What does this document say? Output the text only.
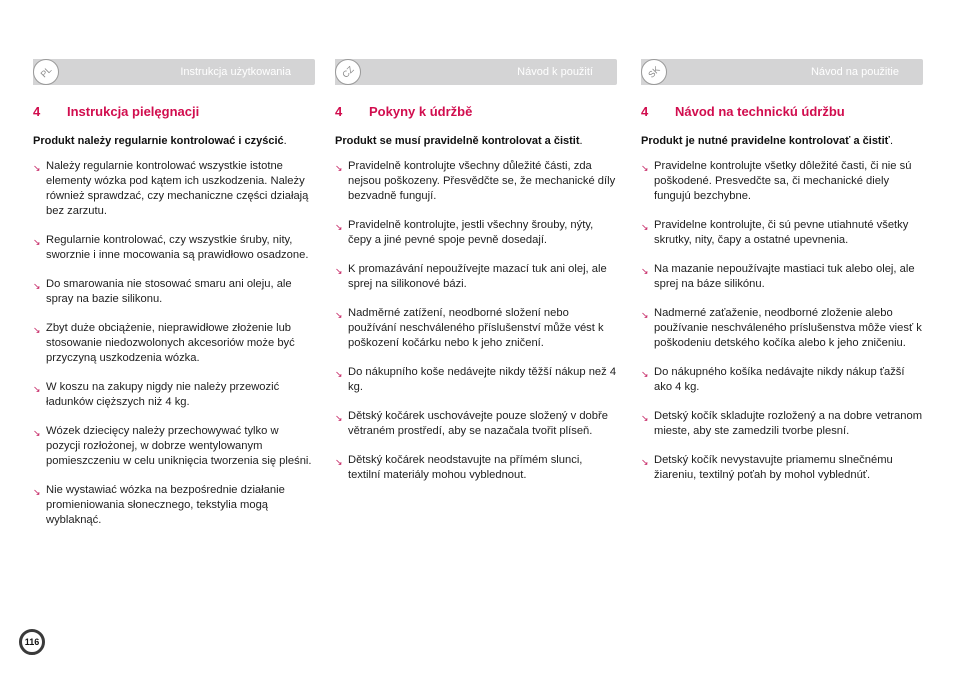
PL	Instrukcja użytkowania
4	Instrukcja pielęgnacji
Produkt należy regularnie kontrolować i czyścić.
↘ Należy regularnie kontrolować wszystkie istotne elementy wózka pod kątem ich uszkodzenia. Należy również sprawdzać, czy mechaniczne części działają bez zarzutu.
↘ Regularnie kontrolować, czy wszystkie śruby, nity, sworznie i inne mocowania są prawidłowo osadzone.
↘ Do smarowania nie stosować smaru ani oleju, ale spray na bazie silikonu.
↘ Zbyt duże obciążenie, nieprawidłowe złożenie lub stosowanie niedozwolonych akcesoriów może być przyczyną uszkodzenia wózka.
↘ W koszu na zakupy nigdy nie należy przewozić ładunków cięższych niż 4 kg.
↘ Wózek dziecięcy należy przechowywać tylko w pozycji rozłożonej, w dobrze wentylowanym pomieszczeniu w celu uniknięcia tworzenia się pleśni.
↘ Nie wystawiać wózka na bezpośrednie działanie promieniowania słonecznego, tekstylia mogą wyblaknąć.
CZ	Návod k použití
4	Pokyny k údržbě
Produkt se musí pravidelně kontrolovat a čistit.
↘ Pravidelně kontrolujte všechny důležité části, zda nejsou poškozeny. Přesvědčte se, že mechanické díly bezvadně fungují.
↘ Pravidelně kontrolujte, jestli všechny šrouby, nýty, čepy a jiné pevné spoje pevně dosedají.
↘ K promazávání nepoužívejte mazací tuk ani olej, ale sprej na silikonové bázi.
↘ Nadměrné zatížení, neodborné složení nebo používání neschváleného příslušenství může vést k poškození kočárku nebo k jeho zničení.
↘ Do nákupního koše nedávejte nikdy těžší nákup než 4 kg.
↘ Dětský kočárek uschovávejte pouze složený v dobře větraném prostředí, aby se nazačala tvořit plíseň.
↘ Dětský kočárek neodstavujte na přímém slunci, textilní materiály mohou vyblednout.
SK	Návod na použitie
4	Návod na technickú údržbu
Produkt je nutné pravidelne kontrolovať a čistiť.
↘ Pravidelne kontrolujte všetky dôležité časti, či nie sú poškodené. Presvedčte sa, či mechanické diely fungujú bezchybne.
↘ Pravidelne kontrolujte, či sú pevne utiahnuté všetky skrutky, nity, čapy a ostatné upevnenia.
↘ Na mazanie nepoužívajte mastiaci tuk alebo olej, ale sprej na báze silikónu.
↘ Nadmerné zaťaženie, neodborné zloženie alebo používanie neschváleného príslušenstva môže viesť k poškodeniu detského kočíka alebo k jeho zničeniu.
↘ Do nákupného košíka nedávajte nikdy nákup ťažší ako 4 kg.
↘ Detský kočík skladujte rozložený a na dobre vetranom mieste, aby ste zamedzili tvorbe plesní.
↘ Detský kočík nevystavujte priamemu slnečnému žiareniu, textilný poťah by mohol vyblednúť.
116
